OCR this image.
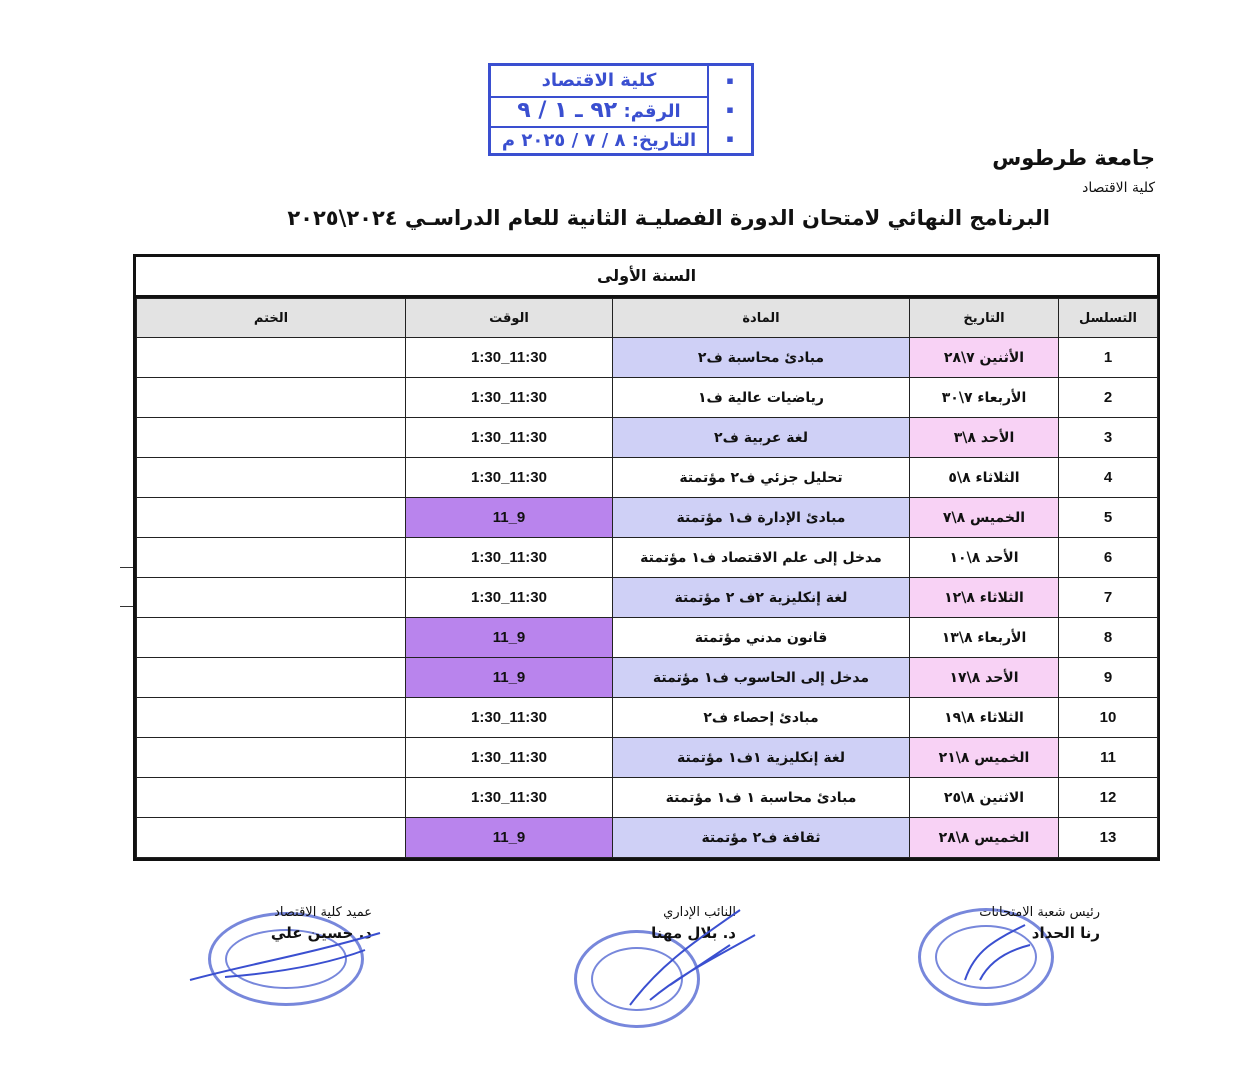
كلية الاقتصاد
الرقم: ٩٢ ـ ١ / ٩
التاريخ: ٨ / ٧ / ٢٠٢٥ م
▪
▪
▪
جامعة طرطوس
كلية الاقتصاد
البرنامج النهائي لامتحان الدورة الفصليـة الثانية للعام الدراسـي ٢٠٢٤\٢٠٢٥
السنة الأولى
التسلسل	التاريخ	المادة	الوقت	الختم
1	الأثنين ٧\٢٨	مبادئ محاسبة ف٢	1:30_11:30	
2	الأربعاء ٧\٣٠	رياضيات عالية ف١	1:30_11:30	
3	الأحد ٨\٣	لغة عربية ف٢	1:30_11:30	
4	الثلاثاء ٨\٥	تحليل جزئي ف٢ مؤتمتة	1:30_11:30	
5	الخميس ٨\٧	مبادئ الإدارة ف١ مؤتمتة	11_9	
6	الأحد ٨\١٠	مدخل إلى علم الاقتصاد ف١ مؤتمتة	1:30_11:30	
7	الثلاثاء ٨\١٢	لغة إنكليزية ٢ف ٢ مؤتمتة	1:30_11:30	
8	الأربعاء ٨\١٣	قانون مدني مؤتمتة	11_9	
9	الأحد ٨\١٧	مدخل إلى الحاسوب ف١ مؤتمتة	11_9	
10	الثلاثاء ٨\١٩	مبادئ إحصاء ف٢	1:30_11:30	
11	الخميس ٨\٢١	لغة إنكليزية ١ف١ مؤتمتة	1:30_11:30	
12	الاثنين ٨\٢٥	مبادئ محاسبة ١ ف١ مؤتمتة	1:30_11:30	
13	الخميس ٨\٢٨	ثقافة ف٢ مؤتمتة	11_9	
عميد كلية الاقتصاد
د. حسين علي
النائب الإداري
د. بلال مهنا
رئيس شعبة الامتحانات
رنا الحداد
